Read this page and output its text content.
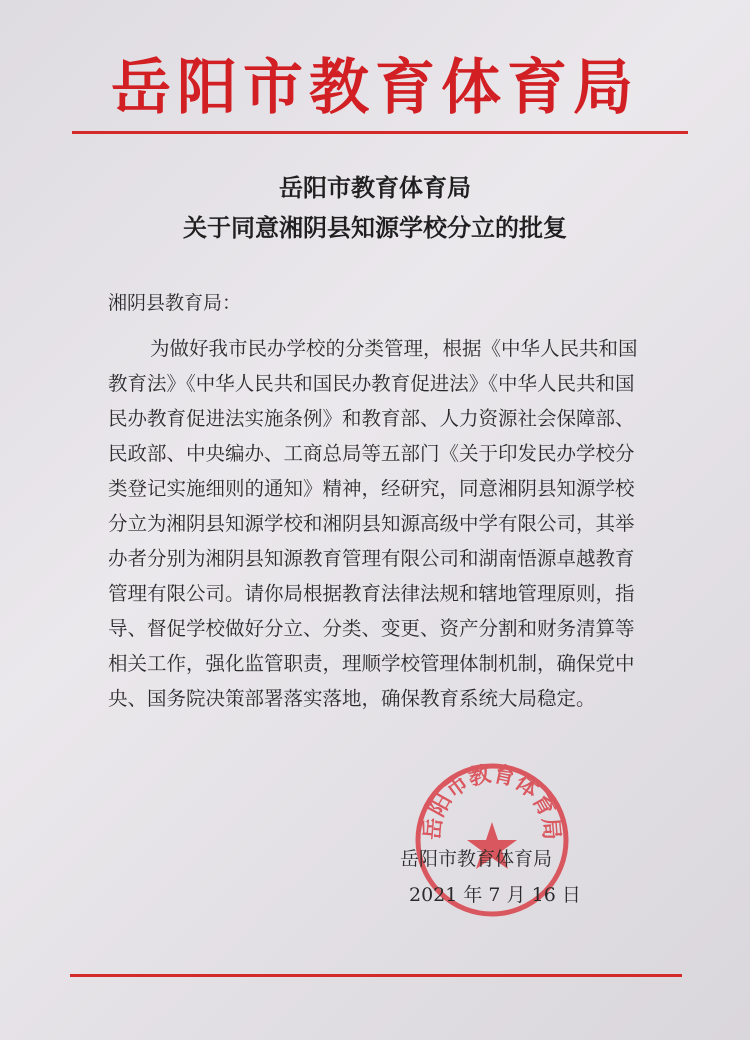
岳阳市教育体育局
岳阳市教育体育局
关于同意湘阴县知源学校分立的批复
湘阴县教育局：
为做好我市民办学校的分类管理，根据《中华人民共和国
教育法》《中华人民共和国民办教育促进法》《中华人民共和国
民办教育促进法实施条例》和教育部、人力资源社会保障部、
民政部、中央编办、工商总局等五部门《关于印发民办学校分
类登记实施细则的通知》精神，经研究，同意湘阴县知源学校
分立为湘阴县知源学校和湘阴县知源高级中学有限公司，其举
办者分别为湘阴县知源教育管理有限公司和湖南悟源卓越教育
管理有限公司。请你局根据教育法律法规和辖地管理原则，指
导、督促学校做好分立、分类、变更、资产分割和财务清算等
相关工作，强化监管职责，理顺学校管理体制机制，确保党中
央、国务院决策部署落实落地，确保教育系统大局稳定。
岳阳市教育体育局
岳阳市教育体育局
2021 年 7 月 16 日
